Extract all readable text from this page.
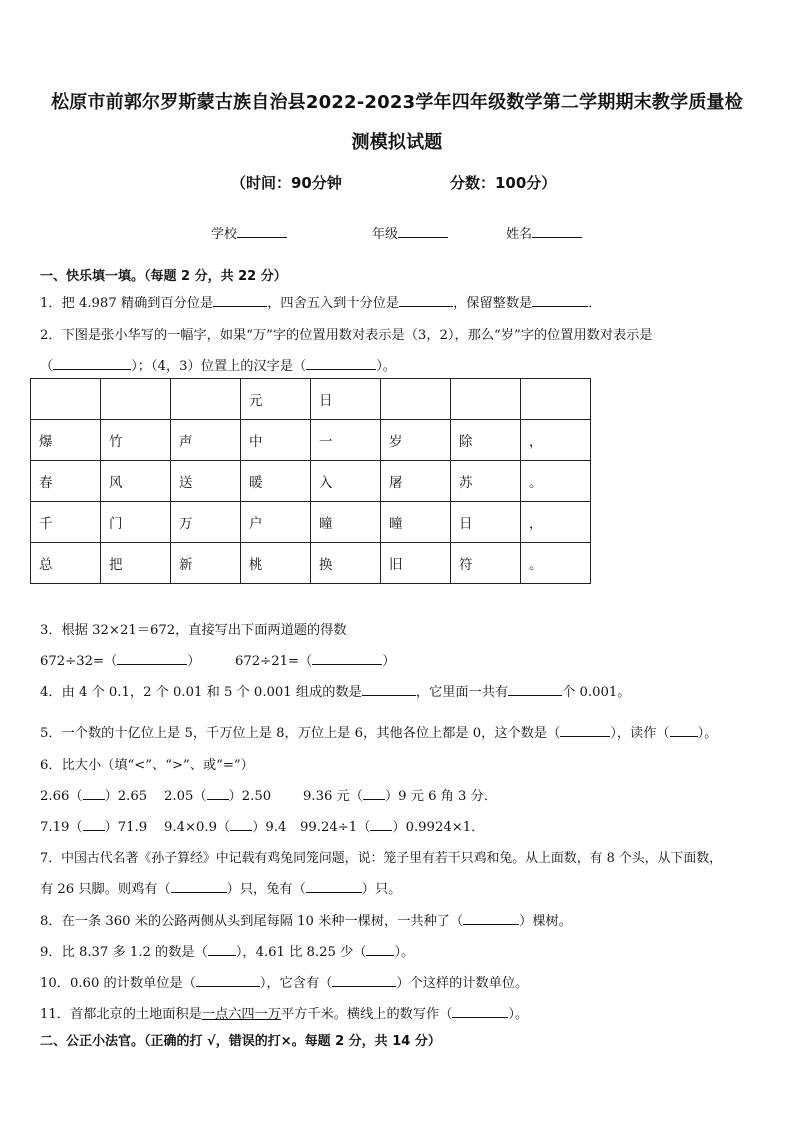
松原市前郭尔罗斯蒙古族自治县2022-2023学年四年级数学第二学期期末教学质量检
测模拟试题
（时间：90分钟	分数：100分）
学校	年级	姓名
一、快乐填一填。（每题 2 分，共 22 分）
1．把 4.987 精确到百分位是	，四舍五入到十分位是	，保留整数是	．
2．下图是张小华写的一幅字，如果“万”字的位置用数对表示是（3，2），那么“岁”字的位置用数对表示是
（	）；（4，3）位置上的汉字是（	）。
			元	日			
爆	竹	声	中	一	岁	除	，
春	风	送	暖	入	屠	苏	。
千	门	万	户	曈	曈	日	，
总	把	新	桃	换	旧	符	。
3．根据 32×21＝672，直接写出下面两道题的得数
672÷32=（	）	672÷21=（	）
4．由 4 个 0.1，2 个 0.01 和 5 个 0.001 组成的数是	，它里面一共有	个 0.001。
5．一个数的十亿位上是 5，千万位上是 8，万位上是 6，其他各位上都是 0，这个数是（	），读作（ ）。
6．比大小（填“<”、“>”、或“=”）
2.66（ ）2.65 2.05（ ）2.50 9.36 元（ ）9 元 6 角 3 分．
7.19（ ）71.9 9.4×0.9（ ）9.4 99.24÷1（ ）0.9924×1．
7．中国古代名著《孙子算经》中记载有鸡兔同笼问题，说：笼子里有若干只鸡和兔。从上面数，有 8 个头，从下面数，
有 26 只脚。则鸡有（	）只，兔有（	）只。
8．在一条 360 米的公路两侧从头到尾每隔 10 米种一棵树，一共种了（	）棵树。
9．比 8.37 多 1.2 的数是（ ），4.61 比 8.25 少（ ）。
10．0.60 的计数单位是（	），它含有（	）个这样的计数单位。
11．首都北京的土地面积是一点六四一万平方千米。横线上的数写作（	）。
二、公正小法官。（正确的打 √，错误的打×。每题 2 分，共 14 分）
